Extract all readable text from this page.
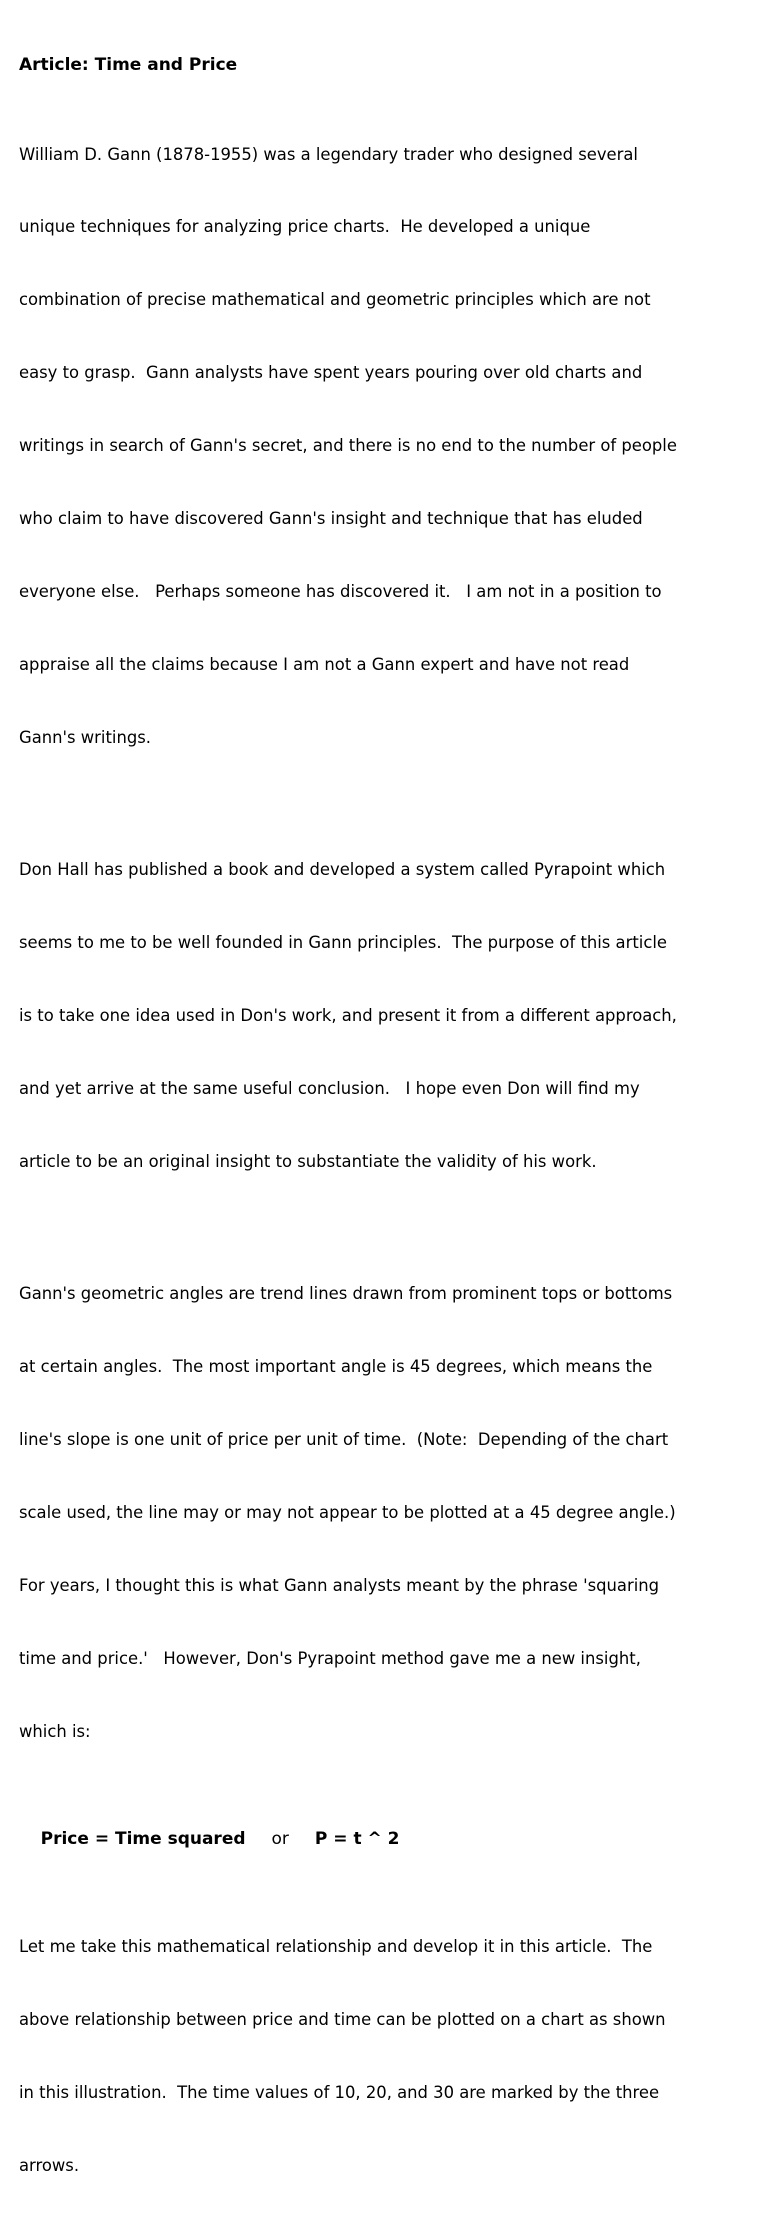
Article: Time and Price

William D. Gann (1878-1955) was a legendary trader who designed several

unique techniques for analyzing price charts.  He developed a unique

combination of precise mathematical and geometric principles which are not

easy to grasp.  Gann analysts have spent years pouring over old charts and

writings in search of Gann's secret, and there is no end to the number of people

who claim to have discovered Gann's insight and technique that has eluded

everyone else.   Perhaps someone has discovered it.   I am not in a position to

appraise all the claims because I am not a Gann expert and have not read

Gann's writings.

Don Hall has published a book and developed a system called Pyrapoint which

seems to me to be well founded in Gann principles.  The purpose of this article

is to take one idea used in Don's work, and present it from a different approach,

and yet arrive at the same useful conclusion.   I hope even Don will find my

article to be an original insight to substantiate the validity of his work.

Gann's geometric angles are trend lines drawn from prominent tops or bottoms

at certain angles.  The most important angle is 45 degrees, which means the

line's slope is one unit of price per unit of time.  (Note:  Depending of the chart

scale used, the line may or may not appear to be plotted at a 45 degree angle.)

For years, I thought this is what Gann analysts meant by the phrase 'squaring

time and price.'   However, Don's Pyrapoint method gave me a new insight,

which is:

Price = Time squared or P = t ^ 2

Let me take this mathematical relationship and develop it in this article.  The

above relationship between price and time can be plotted on a chart as shown

in this illustration.  The time values of 10, 20, and 30 are marked by the three

arrows.
